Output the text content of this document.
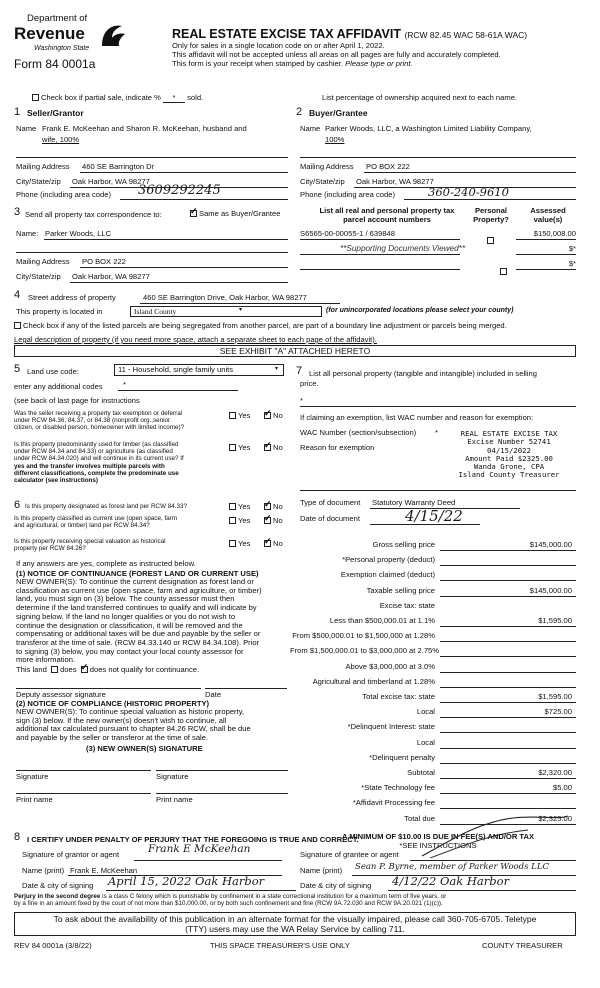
Department of
Revenue
Washington State
Form 84 0001a
REAL ESTATE EXCISE TAX AFFIDAVIT (RCW 82.45 WAC 58-61A WAC)
Only for sales in a single location code on or after April 1, 2022.
This affidavit will not be accepted unless all areas on all pages are fully and accurately completed.
This form is your receipt when stamped by cashier. Please type or print.
Check box if partial sale, indicate % * sold.	List percentage of ownership acquired next to each name.
1 Seller/Grantor
Name Frank E. McKeehan and Sharon R. McKeehan, husband and
wife, 100%
Mailing Address 460 SE Barrington Dr
City/State/zip Oak Harbor, WA 98277
Phone (including area code) 3609292245
3 Send all property tax correspondence to: ✓	Same as Buyer/Grantee
Name: Parker Woods, LLC
Mailing Address PO BOX 222
City/State/zip Oak Harbor, WA 98277
2 Buyer/Grantee
Name Parker Woods, LLC, a Washington Limited Liability Company,
100%
Mailing Address PO BOX 222
City/State/zip Oak Harbor, WA 98277
Phone (including area code)	360-240-9610
List all real and personal property tax
parcel account numbers
Personal
Property?
Assessed
value(s)
S6565-00-00055-1 / 639848
	$150,008.00
**Supporting Documents Viewed**	$*
$*
4 Street address of property	460 SE Barrington Drive, Oak Harbor, WA 98277
This property is located in	Island County	▾	(for unincorporated locations please select your county)
Check box if any of the listed parcels are being segregated from another parcel, are part of a boundary line adjustment or parcels being merged.
Legal description of property (if you need more space, attach a separate sheet to each page of the affidavit).
SEE EXHIBIT "A" ATTACHED HERETO
5 Land use code:	11 - Household, single family units	▾
enter any additional codes	*
(see back of last page for instructions
Was the seller receiving a property tax exemption or deferral
under RCW 84.36, 84.37, or 84.38 (nonprofit org.,senior
citizen, or disabled person, homeowner with limited income)?
Yes ✓	No
Is this property predominantly used for timber (as classified
under RCW 84.34 and 84.33) or agriculture (as classified
under RCW 84.34.020) and will continue in its current use? If
yes and the transfer involves multiple parcels with
different classifications, complete the predominate use
calculator (see instructions)
Yes ✓	No
6 Is this property designated as forest land per RCW 84.33?	Yes ✓	No
Is this property classified as current use (open space, farm
and agricultural, or timber) land per RCW 84.34?
Yes ✓	No
Is this property receiving special valuation as historical
property per RCW 84.26?
Yes ✓	No
If any answers are yes, complete as instructed below.
(1) NOTICE OF CONTINUANCE (FOREST LAND OR CURRENT USE)
NEW OWNER(S): To continue the current designation as forest land or
classification as current use (open space, farm and agriculture, or timber)
land, you must sign on (3) below. The county assessor must then
determine if the land transferred continues to qualify and will indicate by
signing below. If the land no longer qualifies or you do not wish to
continue the designation or classification, it will be removed and the
compensating or additional taxes will be due and payable by the seller or
transferor at the time of sale. (RCW 84.33.140 or RCW 84.34.108). Prior
to signing (3) below, you may contact your local county assessor for
more information.
This land does ✓ does not qualify for continuance.
Deputy assessor signature	Date
(2) NOTICE OF COMPLIANCE (HISTORIC PROPERTY)
NEW OWNER(S): To continue special valuation as historic property,
sign (3) below. If the new owner(s) doesn't wish to continue, all
additional tax calculated pursuant to chapter 84.26 RCW, shall be due
and payable by the seller or transferor at the time of sale.
(3) NEW OWNER(S) SIGNATURE
Signature	Signature
Print name	Print name
7 List all personal property (tangible and intangible) included in selling
price.
*
If claiming an exemption, list WAC number and reason for exemption:
WAC Number (section/subsection) *
Reason for exemption
REAL ESTATE EXCISE TAX
Excise Number 52741
04/15/2022
Amount Paid $2325.00
Wanda Grone, CPA
Island County Treasurer
Type of document Statutory Warranty Deed
Date of document	4/15/22
Gross selling price	$145,000.00
*Personal property (deduct)
Exemption claimed (deduct)
Taxable selling price	$145,000.00
Excise tax: state
Less than $500,000.01 at 1.1%	$1,595.00
From $500,000.01 to $1,500,000 at 1.28%
From $1,500,000.01 to $3,000,000 at 2.75%
Above $3,000,000 at 3.0%
Agricultural and timberland at 1.28%
Total excise tax: state	$1,595.00
Local	$725.00
*Delinquent Interest: state
Local
*Delinquent penalty
Subtotal	$2,320.00
*State Technology fee	$5.00
*Affidavit Processing fee
Total due	$2,325.00
A MINIMUM OF $10.00 IS DUE IN FEE(S) AND/OR TAX
*SEE INSTRUCTIONS
8 I CERTIFY UNDER PENALTY OF PERJURY THAT THE FOREGOING IS TRUE AND CORRECT.
Signature of grantor or agent	Frank E McKeehan	Signature of grantee or agent
Name (print) Frank E. McKeehan	Name (print) Sean P. Byrne, member of Parker Woods LLC
Date & city of signing April 15, 2022 Oak Harbor	Date & city of signing 4/12/22 Oak Harbor
Perjury in the second degree is a class C felony which is punishable by confinement in a state correctional institution for a maximum term of five years, or
by a fine in an amount fixed by the court of not more than $10,000.00, or by both such confinement and fine (RCW 9A.72.030 and RCW 9A.20.021 (1)(c)).
To ask about the availability of this publication in an alternate format for the visually impaired, please call 360-705-6705. Teletype
(TTY) users may use the WA Relay Service by calling 711.
REV 84 0001a (3/8/22)	THIS SPACE TREASURER'S USE ONLY	COUNTY TREASURER
